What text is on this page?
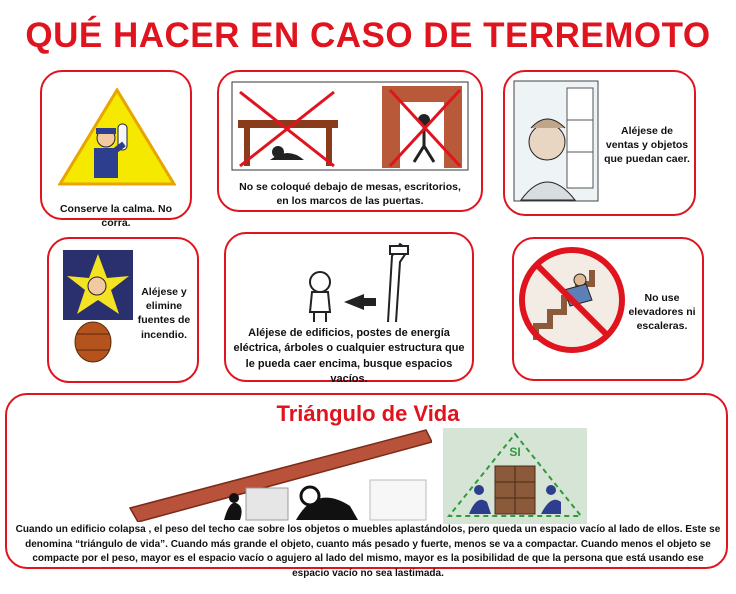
QUÉ HACER EN CASO DE TERREMOTO
Conserve la calma. No corra.
No se coloqué debajo de mesas, escritorios, en los marcos de las puertas.
Aléjese de ventas y objetos que puedan caer.
Aléjese y elimine fuentes de incendio.	Aléjese de edificios, postes de energía eléctrica, árboles o cualquier estructura que le pueda caer encima, busque espacios vacíos.
No use elevadores ni escaleras.
Triángulo de Vida
SI
Cuando un edificio colapsa , el peso del techo cae sobre los objetos o muebles aplastándolos, pero queda un espacio vacío al lado de ellos. Este se denomina “triángulo de vida”. Cuando más grande el objeto, cuanto más pesado y fuerte, menos se va a compactar. Cuando menos el objeto se compacte por el peso, mayor es el espacio vacío o agujero al lado del mismo, mayor es la posibilidad de que la persona que está usando ese espacio vacío no sea lastimada.
